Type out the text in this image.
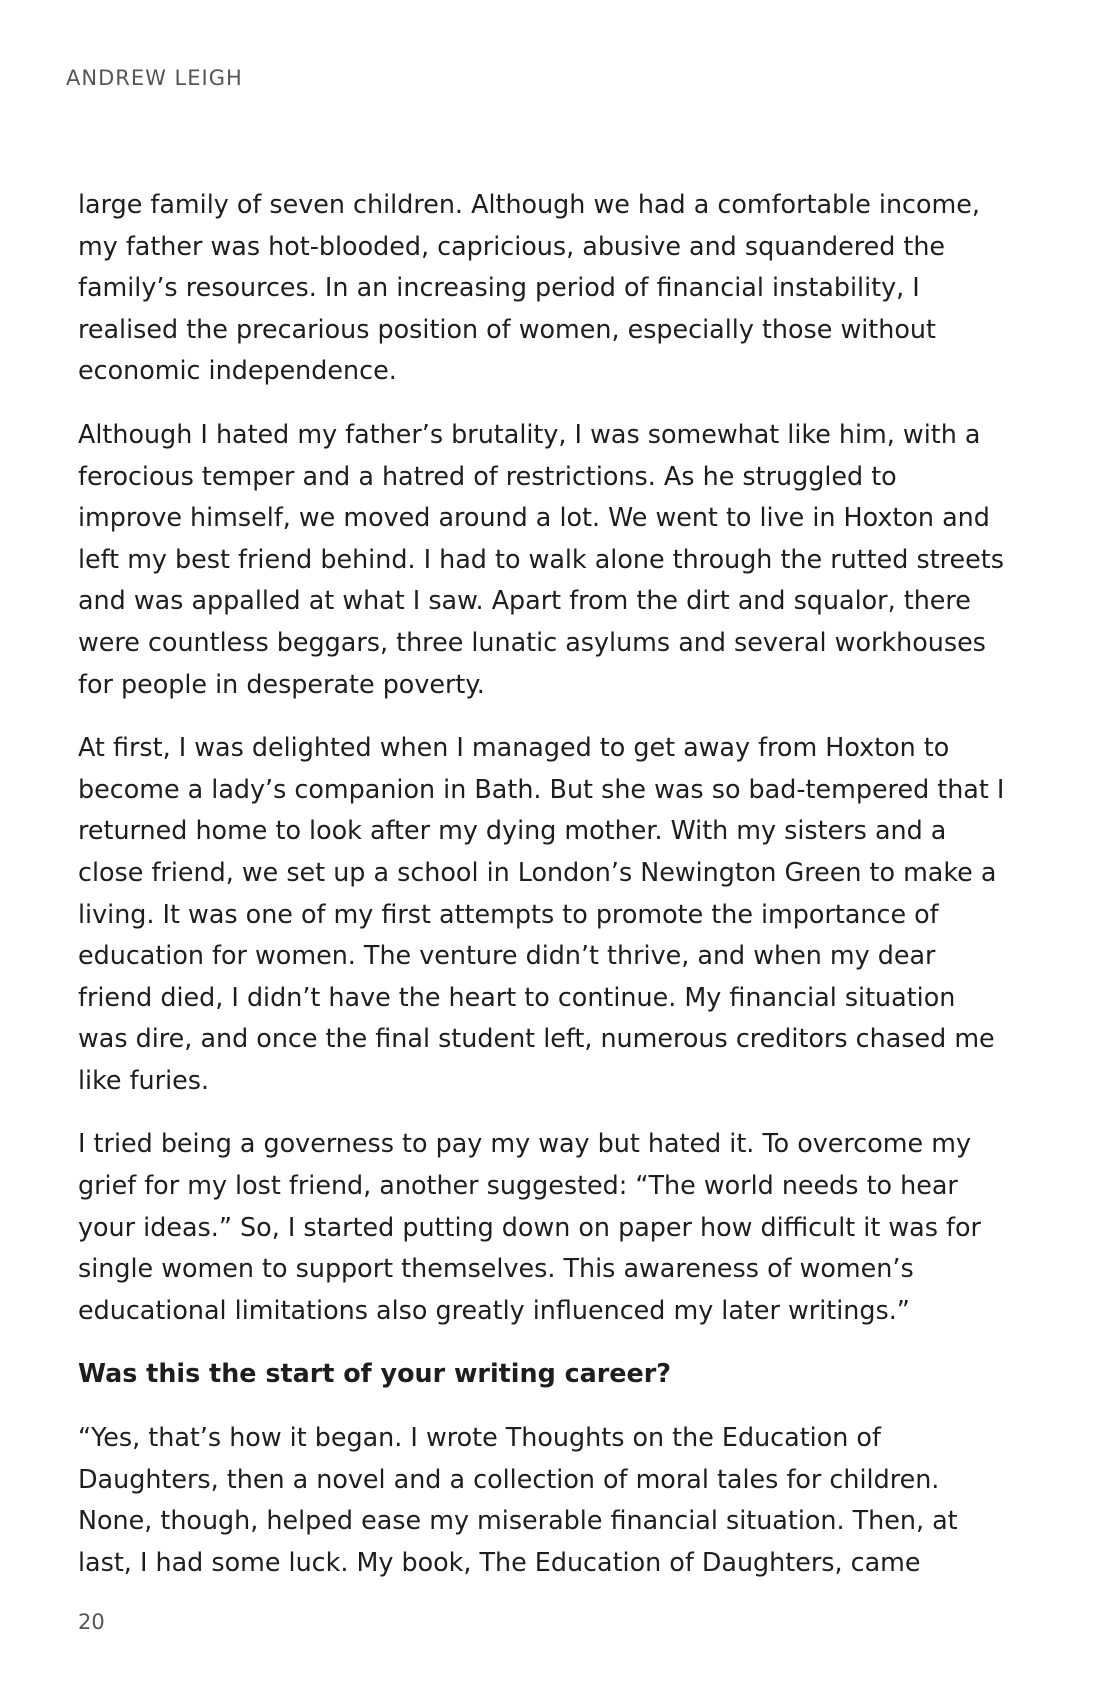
ANDREW LEIGH

large family of seven children. Although we had a comfortable income, my father was hot-blooded, capricious, abusive and squandered the family’s resources. In an increasing period of financial instability, I realised the precarious position of women, especially those without economic independence.

Although I hated my father’s brutality, I was somewhat like him, with a ferocious temper and a hatred of restrictions. As he struggled to improve himself, we moved around a lot. We went to live in Hoxton and left my best friend behind. I had to walk alone through the rutted streets and was appalled at what I saw. Apart from the dirt and squalor, there were countless beggars, three lunatic asylums and several workhouses for people in desperate poverty.

At first, I was delighted when I managed to get away from Hoxton to become a lady’s companion in Bath. But she was so bad-tempered that I returned home to look after my dying mother. With my sisters and a close friend, we set up a school in London’s Newington Green to make a living. It was one of my first attempts to promote the importance of education for women. The venture didn’t thrive, and when my dear friend died, I didn’t have the heart to continue. My financial situation was dire, and once the final student left, numerous creditors chased me like furies.

I tried being a governess to pay my way but hated it. To overcome my grief for my lost friend, another suggested: “The world needs to hear your ideas.” So, I started putting down on paper how difficult it was for single women to support themselves. This awareness of women’s educational limitations also greatly influenced my later writings.”

Was this the start of your writing career?

“Yes, that’s how it began. I wrote Thoughts on the Education of Daughters, then a novel and a collection of moral tales for children. None, though, helped ease my miserable financial situation. Then, at last, I had some luck. My book, The Education of Daughters, came

20
